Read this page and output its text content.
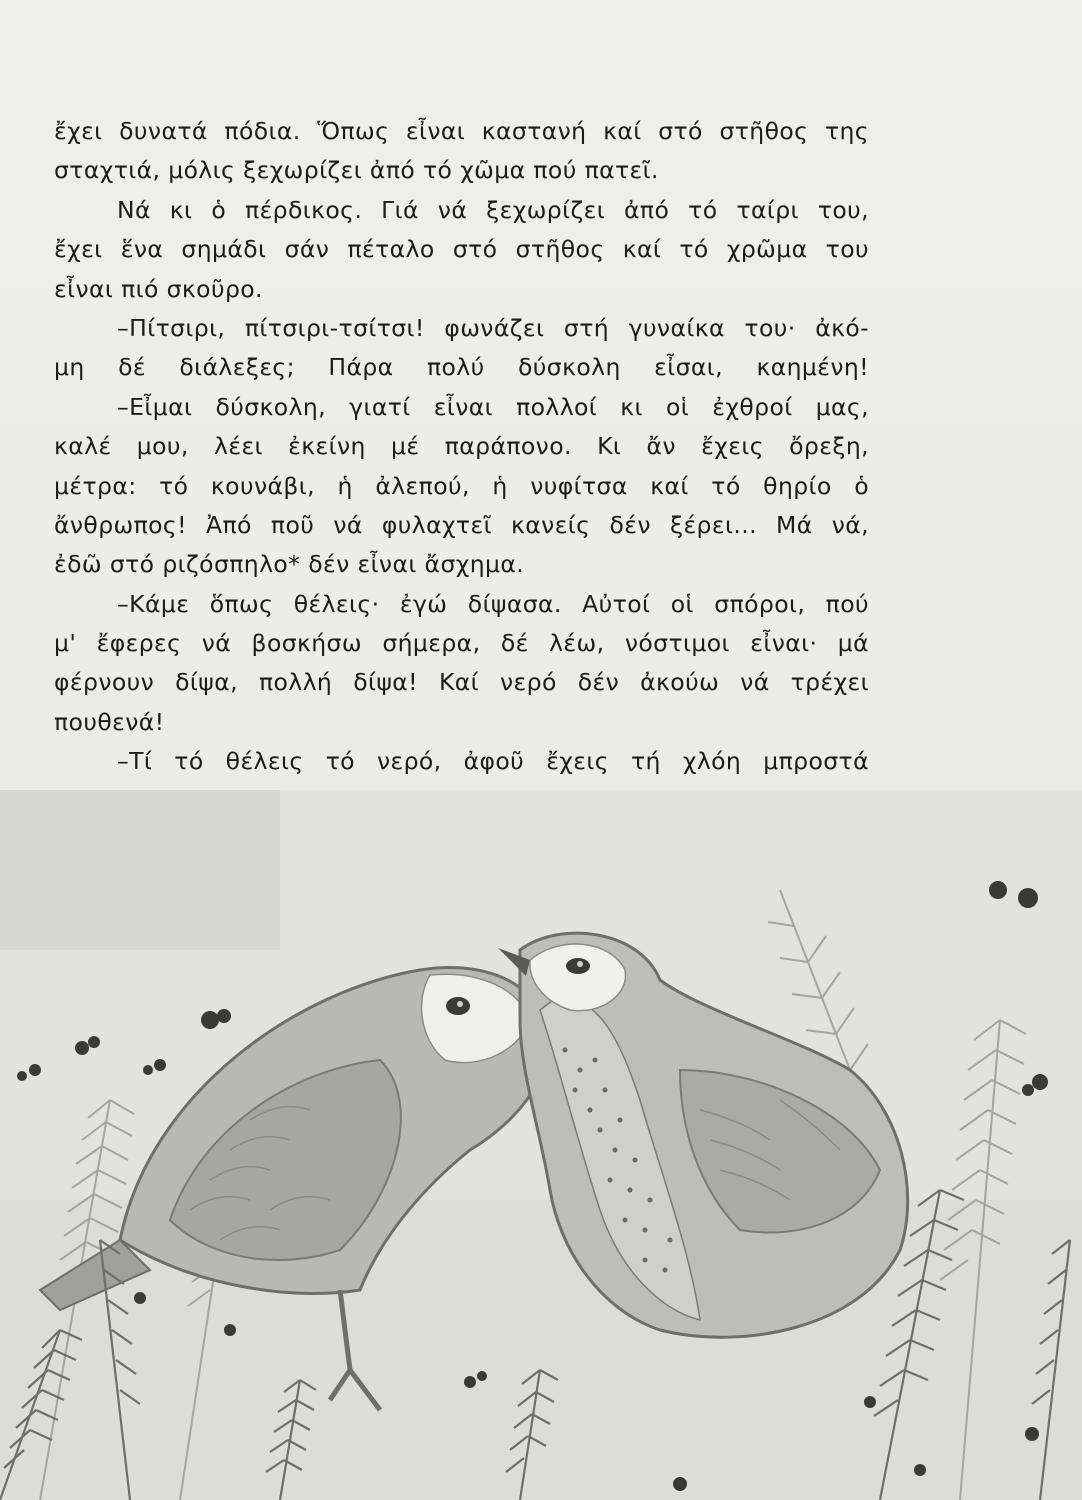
ἔχει δυνατά πόδια. Ὅπως εἶναι καστανή καί στό στῆθος της
σταχτιά, μόλις ξεχωρίζει ἀπό τό χῶμα πού πατεῖ.
Νά κι ὁ πέρδικος. Γιά νά ξεχωρίζει ἀπό τό ταίρι του,
ἔχει ἕνα σημάδι σάν πέταλο στό στῆθος καί τό χρῶμα του
εἶναι πιό σκοῦρο.
–Πίτσιρι, πίτσιρι-τσίτσι! φωνάζει στή γυναίκα του· ἀκό-
μη δέ διάλεξες; Πάρα πολύ δύσκολη εἶσαι, καημένη!
–Εἶμαι δύσκολη, γιατί εἶναι πολλοί κι οἱ ἐχθροί μας,
καλέ μου, λέει ἐκείνη μέ παράπονο. Κι ἄν ἔχεις ὄρεξη,
μέτρα: τό κουνάβι, ἡ ἀλεπού, ἡ νυφίτσα καί τό θηρίο ὁ
ἄνθρωπος! Ἀπό ποῦ νά φυλαχτεῖ κανείς δέν ξέρει... Μά νά,
ἐδῶ στό ριζόσπηλο* δέν εἶναι ἄσχημα.
–Κάμε ὅπως θέλεις· ἐγώ δίψασα. Αὐτοί οἱ σπόροι, πού
μ' ἔφερες νά βοσκήσω σήμερα, δέ λέω, νόστιμοι εἶναι· μά
φέρνουν δίψα, πολλή δίψα! Καί νερό δέν ἀκούω νά τρέχει
πουθενά!
–Τί τό θέλεις τό νερό, ἀφοῦ ἔχεις τή χλόη μπροστά
